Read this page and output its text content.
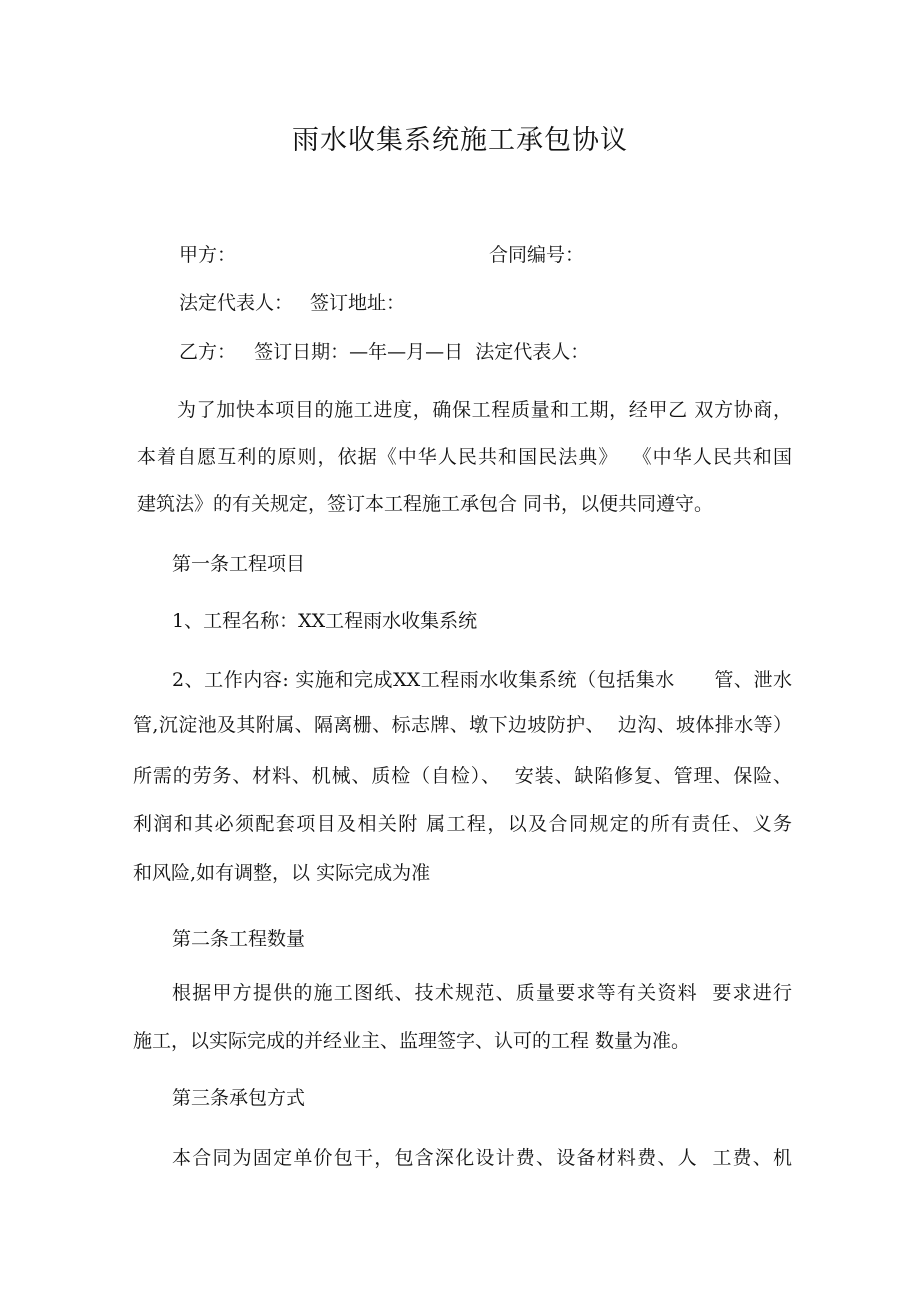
雨水收集系统施工承包协议
甲方：	合同编号：
法定代表人： 签订地址：
乙方：   签订日期：—年—月—日  法定代表人：
为了加快本项目的施工进度，确保工程质量和工期，经甲乙 双方协商，
本着自愿互利的原则，依据《中华人民共和国民法典》  《中华人民共和国
建筑法》的有关规定，签订本工程施工承包合 同书，以便共同遵守。
第一条工程项目
1、工程名称：XX工程雨水收集系统
2、工作内容: 实施和完成XX工程雨水收集系统（包括集水      管、泄水
管,沉淀池及其附属、隔离栅、标志牌、墩下边坡防护、  边沟、坡体排水等）
所需的劳务、材料、机械、质检（自检）、  安装、缺陷修复、管理、保险、
利润和其必须配套项目及相关附 属工程，以及合同规定的所有责任、义务
和风险,如有调整，以 实际完成为准
第二条工程数量
根据甲方提供的施工图纸、技术规范、质量要求等有关资料  要求进行
施工，以实际完成的并经业主、监理签字、认可的工程 数量为准。
第三条承包方式
本合同为固定单价包干，包含深化设计费、设备材料费、人  工费、机
